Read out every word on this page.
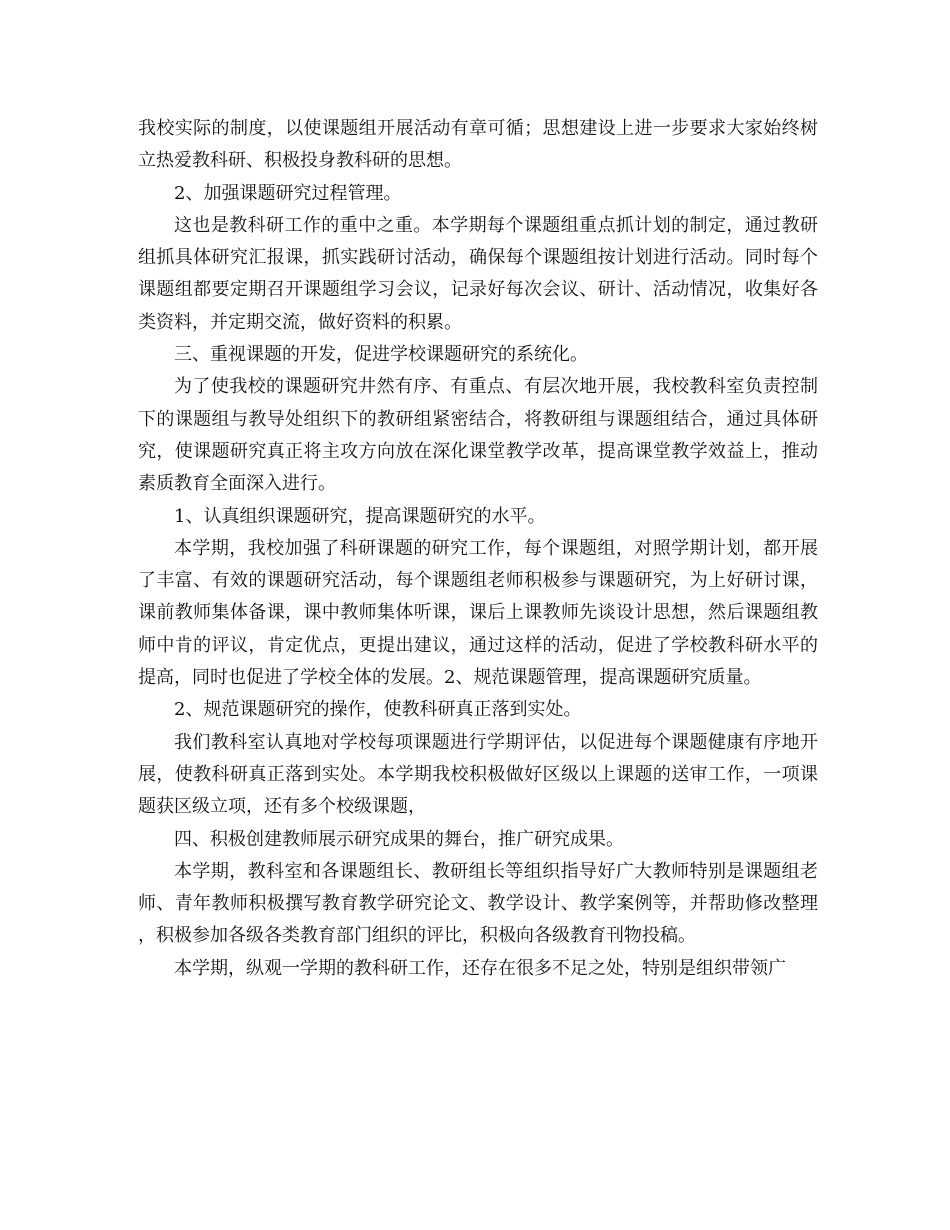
我校实际的制度，以使课题组开展活动有章可循；思想建设上进一步要求大家始终树立热爱教科研、积极投身教科研的思想。

2、加强课题研究过程管理。

这也是教科研工作的重中之重。本学期每个课题组重点抓计划的制定，通过教研组抓具体研究汇报课，抓实践研讨活动，确保每个课题组按计划进行活动。同时每个课题组都要定期召开课题组学习会议，记录好每次会议、研计、活动情况，收集好各类资料，并定期交流，做好资料的积累。

三、重视课题的开发，促进学校课题研究的系统化。

为了使我校的课题研究井然有序、有重点、有层次地开展，我校教科室负责控制下的课题组与教导处组织下的教研组紧密结合，将教研组与课题组结合，通过具体研究，使课题研究真正将主攻方向放在深化课堂教学改革，提高课堂教学效益上，推动素质教育全面深入进行。

1、认真组织课题研究，提高课题研究的水平。

本学期，我校加强了科研课题的研究工作，每个课题组，对照学期计划，都开展了丰富、有效的课题研究活动，每个课题组老师积极参与课题研究，为上好研讨课，课前教师集体备课，课中教师集体听课，课后上课教师先谈设计思想，然后课题组教师中肯的评议，肯定优点，更提出建议，通过这样的活动，促进了学校教科研水平的提高，同时也促进了学校全体的发展。2、规范课题管理，提高课题研究质量。

2、规范课题研究的操作，使教科研真正落到实处。

我们教科室认真地对学校每项课题进行学期评估，以促进每个课题健康有序地开展，使教科研真正落到实处。本学期我校积极做好区级以上课题的送审工作，一项课题获区级立项，还有多个校级课题，

四、积极创建教师展示研究成果的舞台，推广研究成果。

本学期，教科室和各课题组长、教研组长等组织指导好广大教师特别是课题组老师、青年教师积极撰写教育教学研究论文、教学设计、教学案例等，并帮助修改整理，积极参加各级各类教育部门组织的评比，积极向各级教育刊物投稿。

本学期，纵观一学期的教科研工作，还存在很多不足之处，特别是组织带领广
